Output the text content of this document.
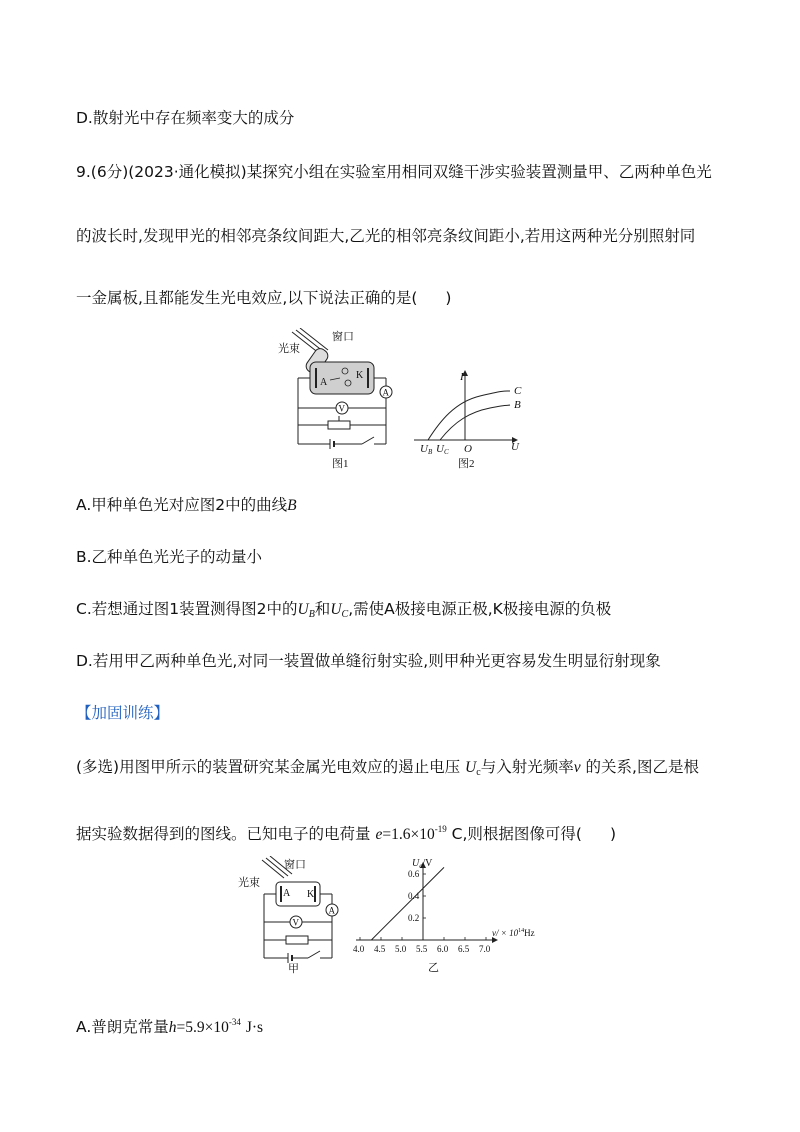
D.散射光中存在频率变大的成分
9.(6分)(2023·通化模拟)某探究小组在实验室用相同双缝干涉实验装置测量甲、乙两种单色光
的波长时,发现甲光的相邻亮条纹间距大,乙光的相邻亮条纹间距小,若用这两种光分别照射同
一金属板,且都能发生光电效应,以下说法正确的是( )
光束
窗口
A
K
A
V
图1
I
U
O
C
B
UB UC
图2
A.甲种单色光对应图2中的曲线B
B.乙种单色光光子的动量小
C.若想通过图1装置测得图2中的$U_B$和$U_C$,需使A极接电源正极,K极接电源的负极
D.若用甲乙两种单色光,对同一装置做单缝衍射实验,则甲种光更容易发生明显衍射现象
【加固训练】
(多选)用图甲所示的装置研究某金属光电效应的遏止电压 $U_c$与入射光频率ν 的关系,图乙是根
据实验数据得到的图线。已知电子的电荷量 $e=1.6\times 10^{-19}$ C,则根据图像可得( )
光束
窗口
A K
A
V
甲
4.0 4.5 5.0 5.5 6.0 6.5 7.0
0.2
0.4
0.6
$U_c/V$
$\nu/ \times 10^{14}Hz$
乙
A.普朗克常量$h=5.9\times 10^{-34}$ J·s
